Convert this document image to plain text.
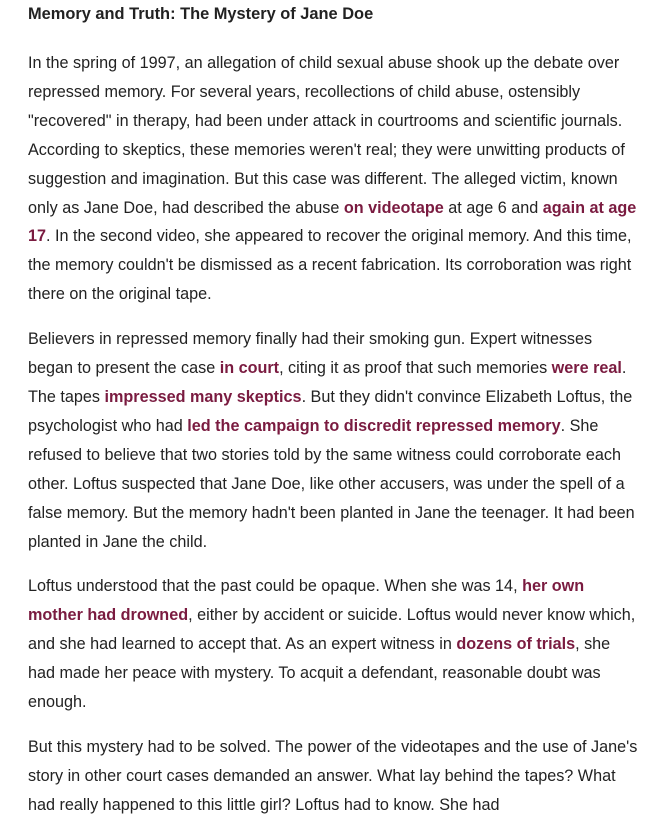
Memory and Truth: The Mystery of Jane Doe

In the spring of 1997, an allegation of child sexual abuse shook up the debate over repressed memory. For several years, recollections of child abuse, ostensibly "recovered" in therapy, had been under attack in courtrooms and scientific journals. According to skeptics, these memories weren't real; they were unwitting products of suggestion and imagination. But this case was different. The alleged victim, known only as Jane Doe, had described the abuse on videotape at age 6 and again at age 17. In the second video, she appeared to recover the original memory. And this time, the memory couldn't be dismissed as a recent fabrication. Its corroboration was right there on the original tape.

Believers in repressed memory finally had their smoking gun. Expert witnesses began to present the case in court, citing it as proof that such memories were real. The tapes impressed many skeptics. But they didn't convince Elizabeth Loftus, the psychologist who had led the campaign to discredit repressed memory. She refused to believe that two stories told by the same witness could corroborate each other. Loftus suspected that Jane Doe, like other accusers, was under the spell of a false memory. But the memory hadn't been planted in Jane the teenager. It had been planted in Jane the child.

Loftus understood that the past could be opaque. When she was 14, her own mother had drowned, either by accident or suicide. Loftus would never know which, and she had learned to accept that. As an expert witness in dozens of trials, she had made her peace with mystery. To acquit a defendant, reasonable doubt was enough.

But this mystery had to be solved. The power of the videotapes and the use of Jane's story in other court cases demanded an answer. What lay behind the tapes? What had really happened to this little girl? Loftus had to know. She had
